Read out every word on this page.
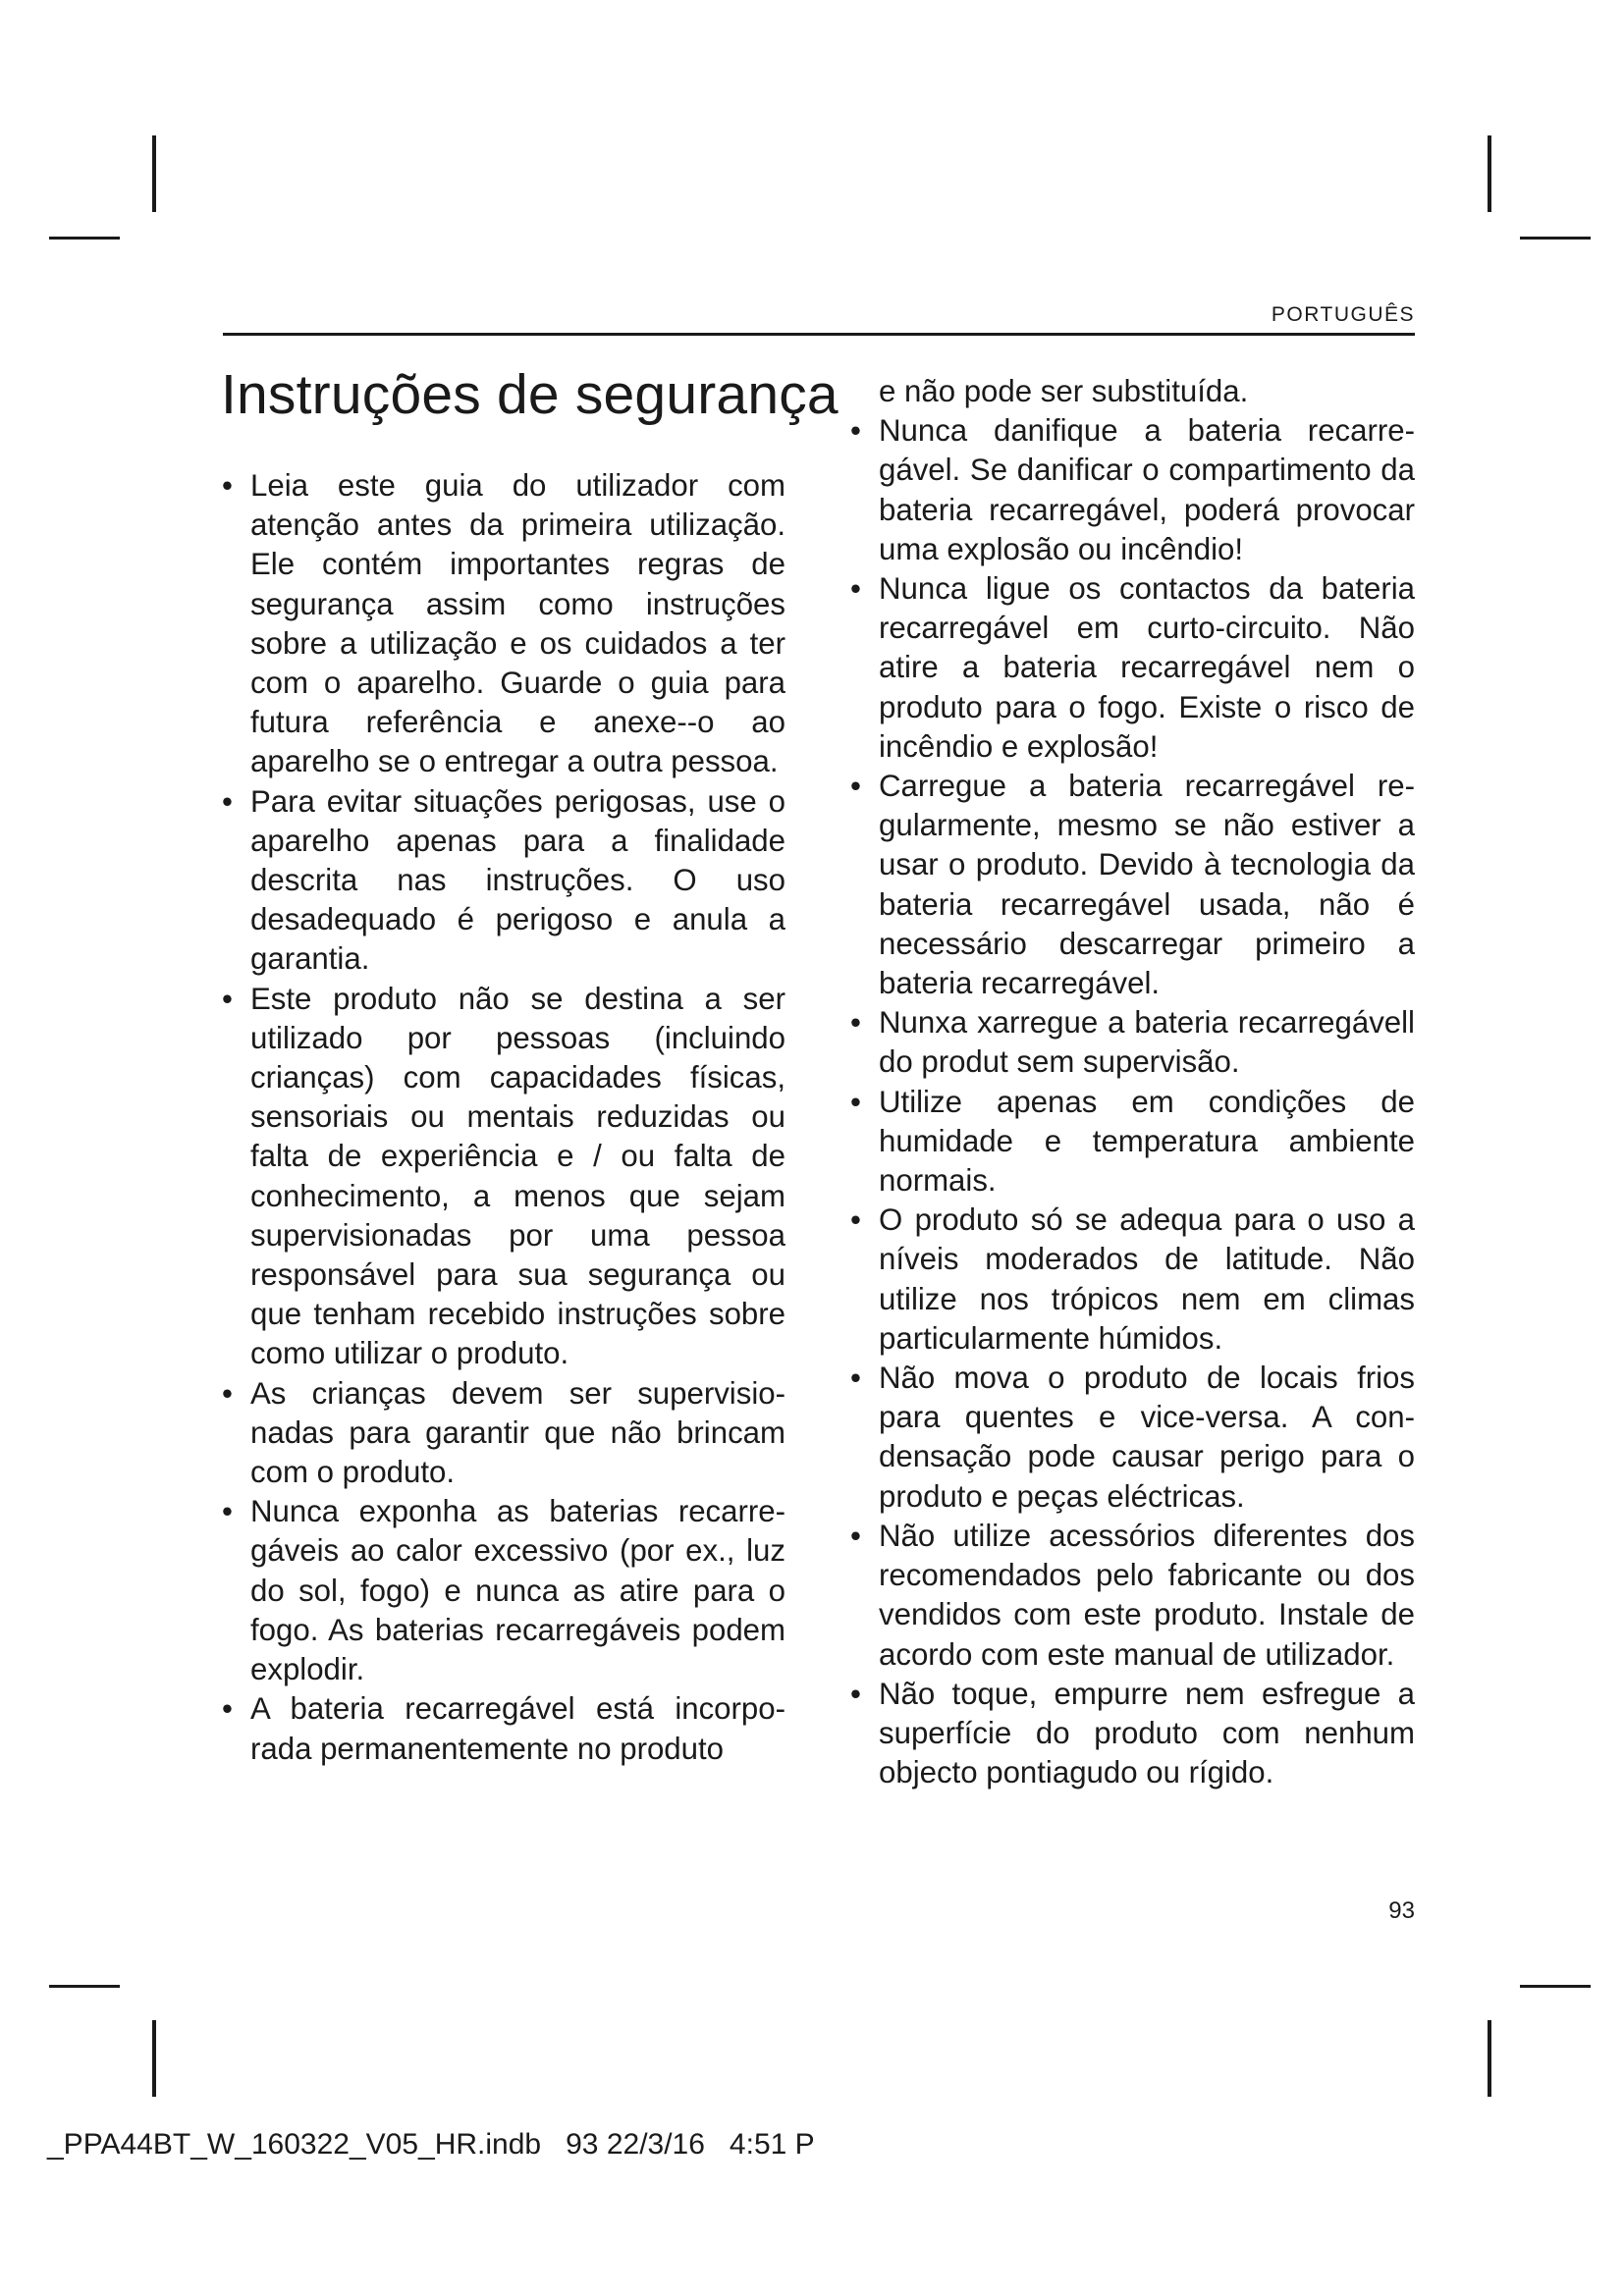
PORTUGUÊS
Instruções de segurança
• Leia este guia do utilizador com atenção antes da primeira utilização. Ele contém importantes regras de segurança assim como instruções sobre a utilização e os cuidados a ter com o aparelho. Guarde o guia para futura referência e anexe-‑o ao aparelho se o entregar a outra pessoa.
• Para evitar situações perigosas, use o aparelho apenas para a finalidade descrita nas instruções. O uso desadequado é perigoso e anula a garantia.
• Este produto não se destina a ser utilizado por pessoas (incluindo crianças) com capacidades físicas, sensoriais ou mentais reduzidas ou falta de experiência e / ou falta de conhecimento, a menos que sejam supervisionadas por uma pessoa responsável para sua segurança ou que tenham recebido instruções sobre como utilizar o produto.
• As crianças devem ser supervisionadas para garantir que não brincam com o produto.
• Nunca exponha as baterias recarregáveis ao calor excessivo (por ex., luz do sol, fogo) e nunca as atire para o fogo. As baterias recarregáveis podem explodir.
• A bateria recarregável está incorporada permanentemente no produto
e não pode ser substituída.
• Nunca danifique a bateria recarregável. Se danificar o compartimento da bateria recarregável, poderá provocar uma explosão ou incêndio!
• Nunca ligue os contactos da bateria recarregável em curto-circuito. Não atire a bateria recarregável nem o produto para o fogo. Existe o risco de incêndio e explosão!
• Carregue a bateria recarregável regularmente, mesmo se não estiver a usar o produto. Devido à tecnologia da bateria recarregável usada, não é necessário descarregar primeiro a bateria recarregável.
• Nunxa xarregue a bateria recarregávell do produt sem supervisão.
• Utilize apenas em condições de humidade e temperatura ambiente normais.
• O produto só se adequa para o uso a níveis moderados de latitude. Não utilize nos trópicos nem em climas particularmente húmidos.
• Não mova o produto de locais frios para quentes e vice-versa. A condensação pode causar perigo para o produto e peças eléctricas.
• Não utilize acessórios diferentes dos recomendados pelo fabricante ou dos vendidos com este produto. Instale de acordo com este manual de utilizador.
• Não toque, empurre nem esfregue a superfície do produto com nenhum objecto pontiagudo ou rígido.
93
_PPA44BT_W_160322_V05_HR.indb   93 22/3/16   4:51 P
